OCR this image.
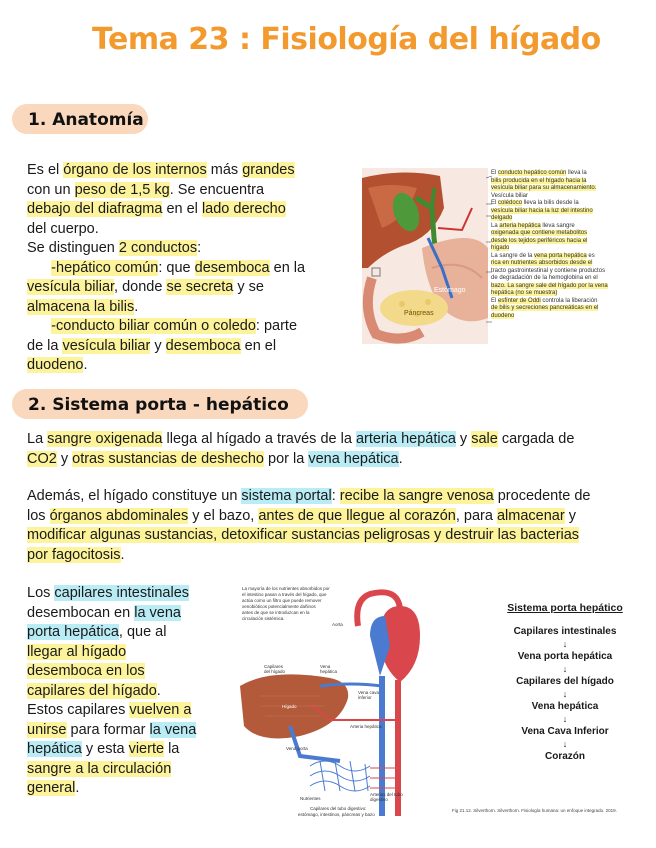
Tema 23 : Fisiología del hígado
1. Anatomía
Es el órgano de los internos más grandes
con un peso de 1,5 kg. Se encuentra
debajo del diafragma en el lado derecho
del cuerpo.
Se distinguen 2 conductos:
-hepático común: que desemboca en la
vesícula biliar, donde se secreta y se
almacena la bilis.
-conducto biliar común o coledo: parte
de la vesícula biliar y desemboca en el
duodeno.
Estómago
Páncreas
El conducto hepático común lleva la
bilis producida en el hígado hacia la
vesícula biliar para su almacenamiento.
Vesícula biliar
El colédoco lleva la bilis desde la
vesícula biliar hacia la luz del intestino
delgado
La arteria hepática lleva sangre
oxigenada que contiene metabolitos
desde los tejidos periféricos hacia el
hígado
La sangre de la vena porta hepática es
rica en nutrientes absorbidos desde el
tracto gastrointestinal y contiene productos
de degradación de la hemoglobina en el
bazo. La sangre sale del hígado por la vena
hepática (no se muestra)
El esfínter de Oddi controla la liberación
de bilis y secreciones pancreáticas en el
duodeno
2. Sistema porta - hepático
La sangre oxigenada llega al hígado a través de la arteria hepática y sale cargada de
CO2 y otras sustancias de deshecho por la vena hepática.
Además, el hígado constituye un sistema portal: recibe la sangre venosa procedente de
los órganos abdominales y el bazo, antes de que llegue al corazón, para almacenar y
modificar algunas sustancias, detoxificar sustancias peligrosas y destruir las bacterias
por fagocitosis.
Los capilares intestinales
desembocan en la vena
porta hepática, que al
llegar al hígado
desemboca en los
capilares del hígado.
Estos capilares vuelven a
unirse para formar la vena
hepática y esta vierte la
sangre a la circulación
general.
La mayoría de los nutrientes absorbidos por
el intestino pasan a través del hígado, que
actúa como un filtro que puede remover
xenobióticos potencialmente dañinos
antes de que se introduzcan en la
circulación sistémica.
Aorta
Capilares
del hígado
Vena
hepática
Vena cava
inferior
Hígado
Arteria hepática
Vena porta
Nutrientes
Arterias del tubo
digestivo
Capilares del tubo digestivo:
estómago, intestinos, páncreas y bazo
Sistema porta hepático
Capilares intestinales
↓
Vena porta hepática
↓
Capilares del hígado
↓
Vena hepática
↓
Vena Cava Inferior
↓
Corazón
Fig 21.12. Silverthorn. Silverthorn. Fisiología humana: un enfoque integrado. 2019.
